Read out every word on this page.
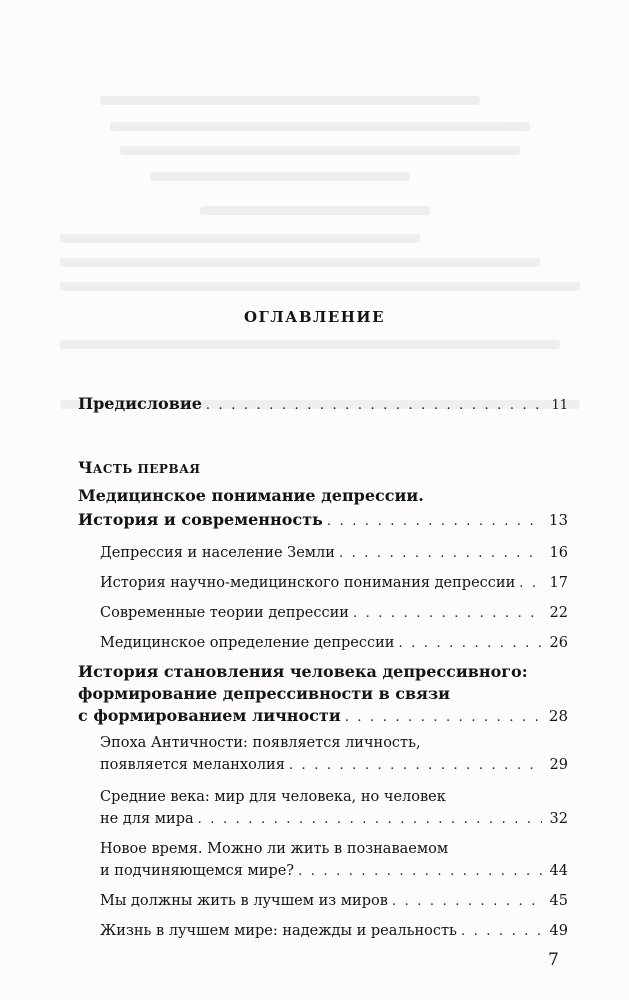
ОГЛАВЛЕНИЕ
Предисловие . . .	11
ЧАСТЬ ПЕРВАЯ
Медицинское понимание депрессии.
История и современность . . .	13
Депрессия и население Земли . . .	16
История научно-медицинского понимания депрессии . . . 17
Современные теории депрессии . . .	22
Медицинское определение депрессии . . .	26
История становления человека депрессивного:
формирование депрессивности в связи
с формированием личности . . .	28
Эпоха Античности: появляется личность,
появляется меланхолия . . .	29
Средние века: мир для человека, но человек
не для мира . . .	32
Новое время. Можно ли жить в познаваемом
и подчиняющемся мире? . . .	44
Мы должны жить в лучшем из миров . . .	45
Жизнь в лучшем мире: надежды и реальность . . .	49
7
